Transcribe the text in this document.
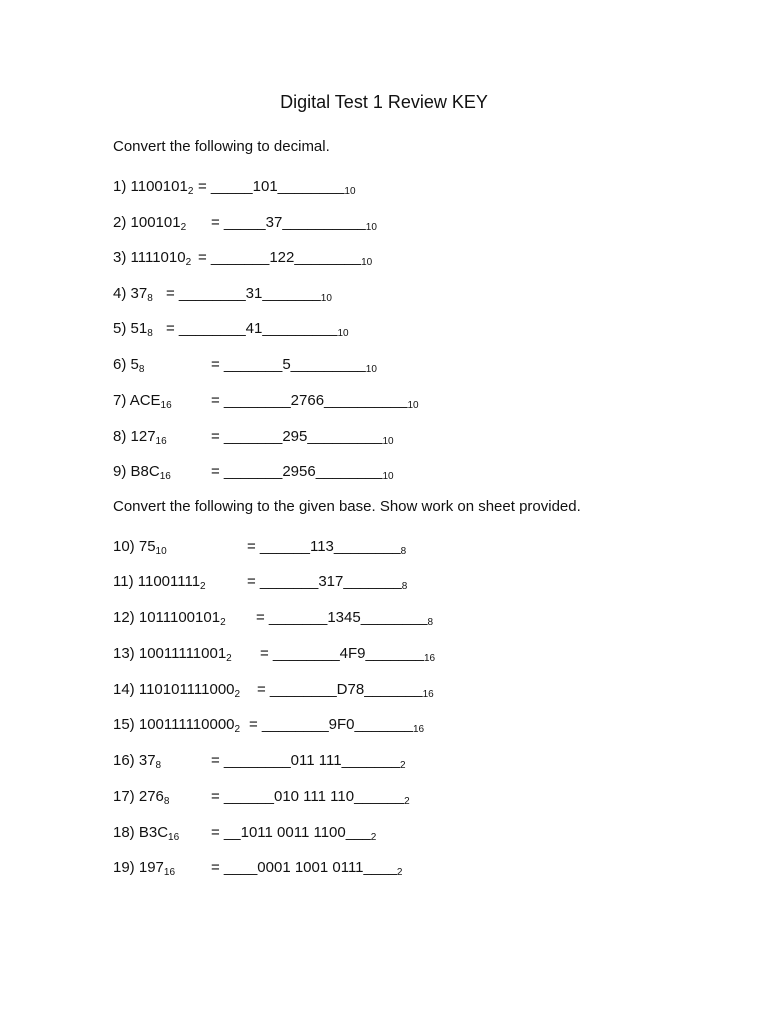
Digital Test 1 Review KEY
Convert the following to decimal.
1) $1100101_2$ = $\_\_\_\_\_101\_\_\_\_\_\_\_\__{10}$
2) $100101_2$ = $\_\_\_\_\_37\_\_\_\_\_\_\_\_\_\__{10}$
3) $1111010_2$ = $\_\_\_\_\_\_\_122\_\_\_\_\_\_\_\__{10}$
4) $37_8$ = $\_\_\_\_\_\_\_\_31\_\_\_\_\_\_\__{10}$
5) $51_8$ = $\_\_\_\_\_\_\_\_41\_\_\_\_\_\_\_\_\__{10}$
6) $5_8$	= $\_\_\_\_\_\_\_5\_\_\_\_\_\_\_\_\__{10}$
7) $ACE_{16}$	= $\_\_\_\_\_\_\_\_2766\_\_\_\_\_\_\_\_\_\__{10}$
8) $127_{16}$	= $\_\_\_\_\_\_\_295\_\_\_\_\_\_\_\_\__{10}$
9) $B8C_{16}$	= $\_\_\_\_\_\_\_2956\_\_\_\_\_\_\_\__{10}$
Convert the following to the given base. Show work on sheet provided.
10) $75_{10}$	= $\_\_\_\_\_\_113\_\_\_\_\_\_\_\__8$
11) $11001111_2$	= $\_\_\_\_\_\_\_317\_\_\_\_\_\_\__8$
12) $1011100101_2$ = $\_\_\_\_\_\_\_1345\_\_\_\_\_\_\_\__8$
13) $10011111001_2$ = $\_\_\_\_\_\_\_\_4F9\_\_\_\_\_\_\__{16}$
14) $110101111000_2$ = $\_\_\_\_\_\_\_\_D78\_\_\_\_\_\_\__{16}$
15) $100111110000_2$ = $\_\_\_\_\_\_\_\_9F0\_\_\_\_\_\_\__{16}$
16) $37_8$	= ________011 $111\_\_\_\_\_\_\__2$
17) $276_8$	= ______010 111 $110\_\_\_\_\_\__2$
18) $B3C_{16}$ = __1011 0011 $1100\_\_\__2$
19) $197_{16}$ = ____0001 1001 $0111\_\_\_\__2$
